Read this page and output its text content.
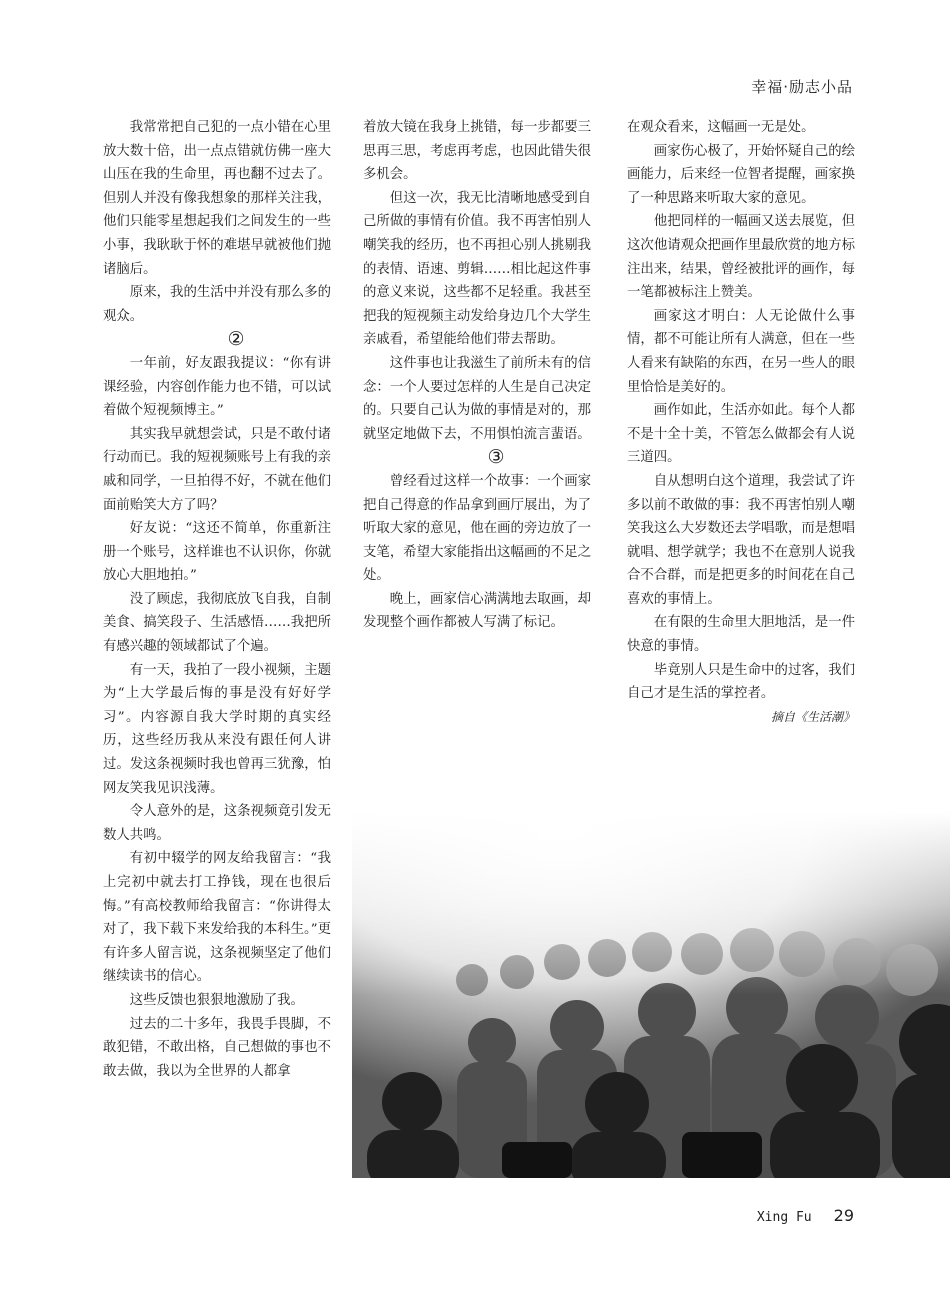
幸福·励志小品

我常常把自己犯的一点小错在心里放大数十倍，出一点点错就仿佛一座大山压在我的生命里，再也翻不过去了。但别人并没有像我想象的那样关注我，他们只能零星想起我们之间发生的一些小事，我耿耿于怀的难堪早就被他们抛诸脑后。

原来，我的生活中并没有那么多的观众。

②

一年前，好友跟我提议：“你有讲课经验，内容创作能力也不错，可以试着做个短视频博主。”

其实我早就想尝试，只是不敢付诸行动而已。我的短视频账号上有我的亲戚和同学，一旦拍得不好，不就在他们面前贻笑大方了吗？

好友说：“这还不简单，你重新注册一个账号，这样谁也不认识你，你就放心大胆地拍。”

没了顾虑，我彻底放飞自我，自制美食、搞笑段子、生活感悟……我把所有感兴趣的领域都试了个遍。

有一天，我拍了一段小视频，主题为“上大学最后悔的事是没有好好学习”。内容源自我大学时期的真实经历，这些经历我从来没有跟任何人讲过。发这条视频时我也曾再三犹豫，怕网友笑我见识浅薄。

令人意外的是，这条视频竟引发无数人共鸣。

有初中辍学的网友给我留言：“我上完初中就去打工挣钱，现在也很后悔。”有高校教师给我留言：“你讲得太对了，我下载下来发给我的本科生。”更有许多人留言说，这条视频坚定了他们继续读书的信心。

这些反馈也狠狠地激励了我。

过去的二十多年，我畏手畏脚，不敢犯错，不敢出格，自己想做的事也不敢去做，我以为全世界的人都拿

着放大镜在我身上挑错，每一步都要三思再三思，考虑再考虑，也因此错失很多机会。

但这一次，我无比清晰地感受到自己所做的事情有价值。我不再害怕别人嘲笑我的经历，也不再担心别人挑剔我的表情、语速、剪辑……相比起这件事的意义来说，这些都不足轻重。我甚至把我的短视频主动发给身边几个大学生亲戚看，希望能给他们带去帮助。

这件事也让我滋生了前所未有的信念：一个人要过怎样的人生是自己决定的。只要自己认为做的事情是对的，那就坚定地做下去，不用惧怕流言蜚语。

③

曾经看过这样一个故事：一个画家把自己得意的作品拿到画厅展出，为了听取大家的意见，他在画的旁边放了一支笔，希望大家能指出这幅画的不足之处。

晚上，画家信心满满地去取画，却发现整个画作都被人写满了标记。

在观众看来，这幅画一无是处。

画家伤心极了，开始怀疑自己的绘画能力，后来经一位智者提醒，画家换了一种思路来听取大家的意见。

他把同样的一幅画又送去展览，但这次他请观众把画作里最欣赏的地方标注出来，结果，曾经被批评的画作，每一笔都被标注上赞美。

画家这才明白：人无论做什么事情，都不可能让所有人满意，但在一些人看来有缺陷的东西，在另一些人的眼里恰恰是美好的。

画作如此，生活亦如此。每个人都不是十全十美，不管怎么做都会有人说三道四。

自从想明白这个道理，我尝试了许多以前不敢做的事：我不再害怕别人嘲笑我这么大岁数还去学唱歌，而是想唱就唱、想学就学；我也不在意别人说我合不合群，而是把更多的时间花在自己喜欢的事情上。

在有限的生命里大胆地活，是一件快意的事情。

毕竟别人只是生命中的过客，我们自己才是生活的掌控者。

摘自《生活潮》

Xing Fu 29
